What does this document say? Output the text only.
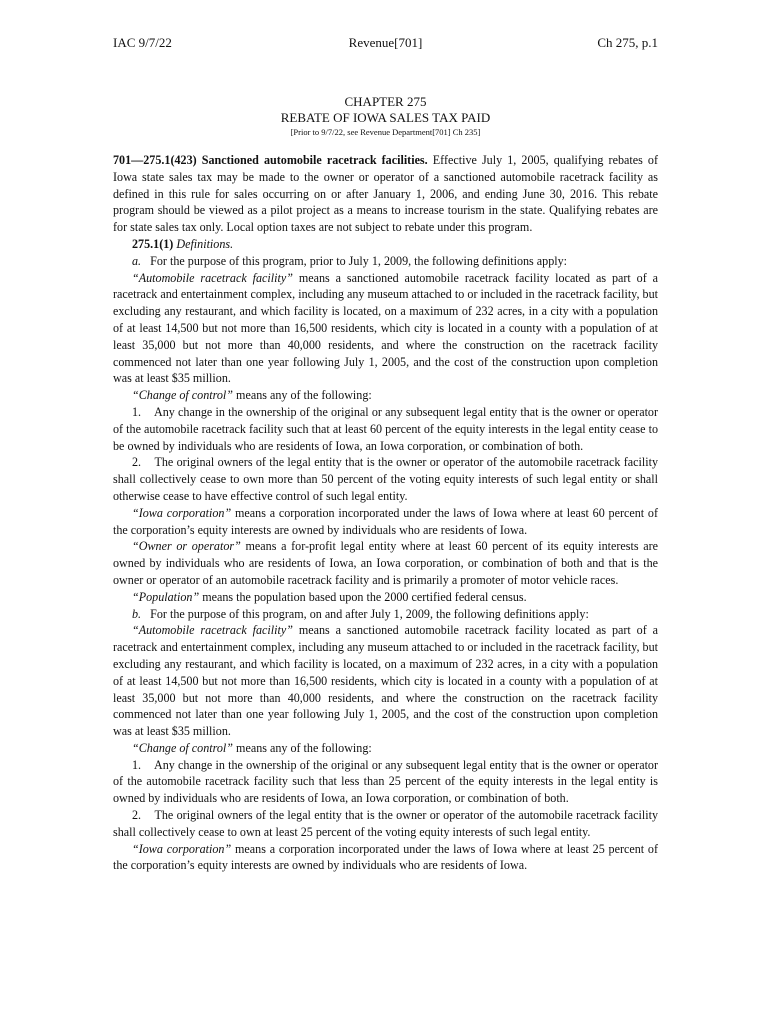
IAC 9/7/22	Revenue[701]	Ch 275, p.1
CHAPTER 275
REBATE OF IOWA SALES TAX PAID
[Prior to 9/7/22, see Revenue Department[701] Ch 235]

701—275.1(423) Sanctioned automobile racetrack facilities. Effective July 1, 2005, qualifying rebates of Iowa state sales tax may be made to the owner or operator of a sanctioned automobile racetrack facility as defined in this rule for sales occurring on or after January 1, 2006, and ending June 30, 2016. This rebate program should be viewed as a pilot project as a means to increase tourism in the state. Qualifying rebates are for state sales tax only. Local option taxes are not subject to rebate under this program.

275.1(1) Definitions.

a. For the purpose of this program, prior to July 1, 2009, the following definitions apply:

“Automobile racetrack facility” means a sanctioned automobile racetrack facility located as part of a racetrack and entertainment complex, including any museum attached to or included in the racetrack facility, but excluding any restaurant, and which facility is located, on a maximum of 232 acres, in a city with a population of at least 14,500 but not more than 16,500 residents, which city is located in a county with a population of at least 35,000 but not more than 40,000 residents, and where the construction on the racetrack facility commenced not later than one year following July 1, 2005, and the cost of the construction upon completion was at least $35 million.

“Change of control” means any of the following:

1. Any change in the ownership of the original or any subsequent legal entity that is the owner or operator of the automobile racetrack facility such that at least 60 percent of the equity interests in the legal entity cease to be owned by individuals who are residents of Iowa, an Iowa corporation, or combination of both.

2. The original owners of the legal entity that is the owner or operator of the automobile racetrack facility shall collectively cease to own more than 50 percent of the voting equity interests of such legal entity or shall otherwise cease to have effective control of such legal entity.

“Iowa corporation” means a corporation incorporated under the laws of Iowa where at least 60 percent of the corporation’s equity interests are owned by individuals who are residents of Iowa.

“Owner or operator” means a for-profit legal entity where at least 60 percent of its equity interests are owned by individuals who are residents of Iowa, an Iowa corporation, or combination of both and that is the owner or operator of an automobile racetrack facility and is primarily a promoter of motor vehicle races.

“Population” means the population based upon the 2000 certified federal census.

b. For the purpose of this program, on and after July 1, 2009, the following definitions apply:

“Automobile racetrack facility” means a sanctioned automobile racetrack facility located as part of a racetrack and entertainment complex, including any museum attached to or included in the racetrack facility, but excluding any restaurant, and which facility is located, on a maximum of 232 acres, in a city with a population of at least 14,500 but not more than 16,500 residents, which city is located in a county with a population of at least 35,000 but not more than 40,000 residents, and where the construction on the racetrack facility commenced not later than one year following July 1, 2005, and the cost of the construction upon completion was at least $35 million.

“Change of control” means any of the following:

1. Any change in the ownership of the original or any subsequent legal entity that is the owner or operator of the automobile racetrack facility such that less than 25 percent of the equity interests in the legal entity is owned by individuals who are residents of Iowa, an Iowa corporation, or combination of both.

2. The original owners of the legal entity that is the owner or operator of the automobile racetrack facility shall collectively cease to own at least 25 percent of the voting equity interests of such legal entity.

“Iowa corporation” means a corporation incorporated under the laws of Iowa where at least 25 percent of the corporation’s equity interests are owned by individuals who are residents of Iowa.
